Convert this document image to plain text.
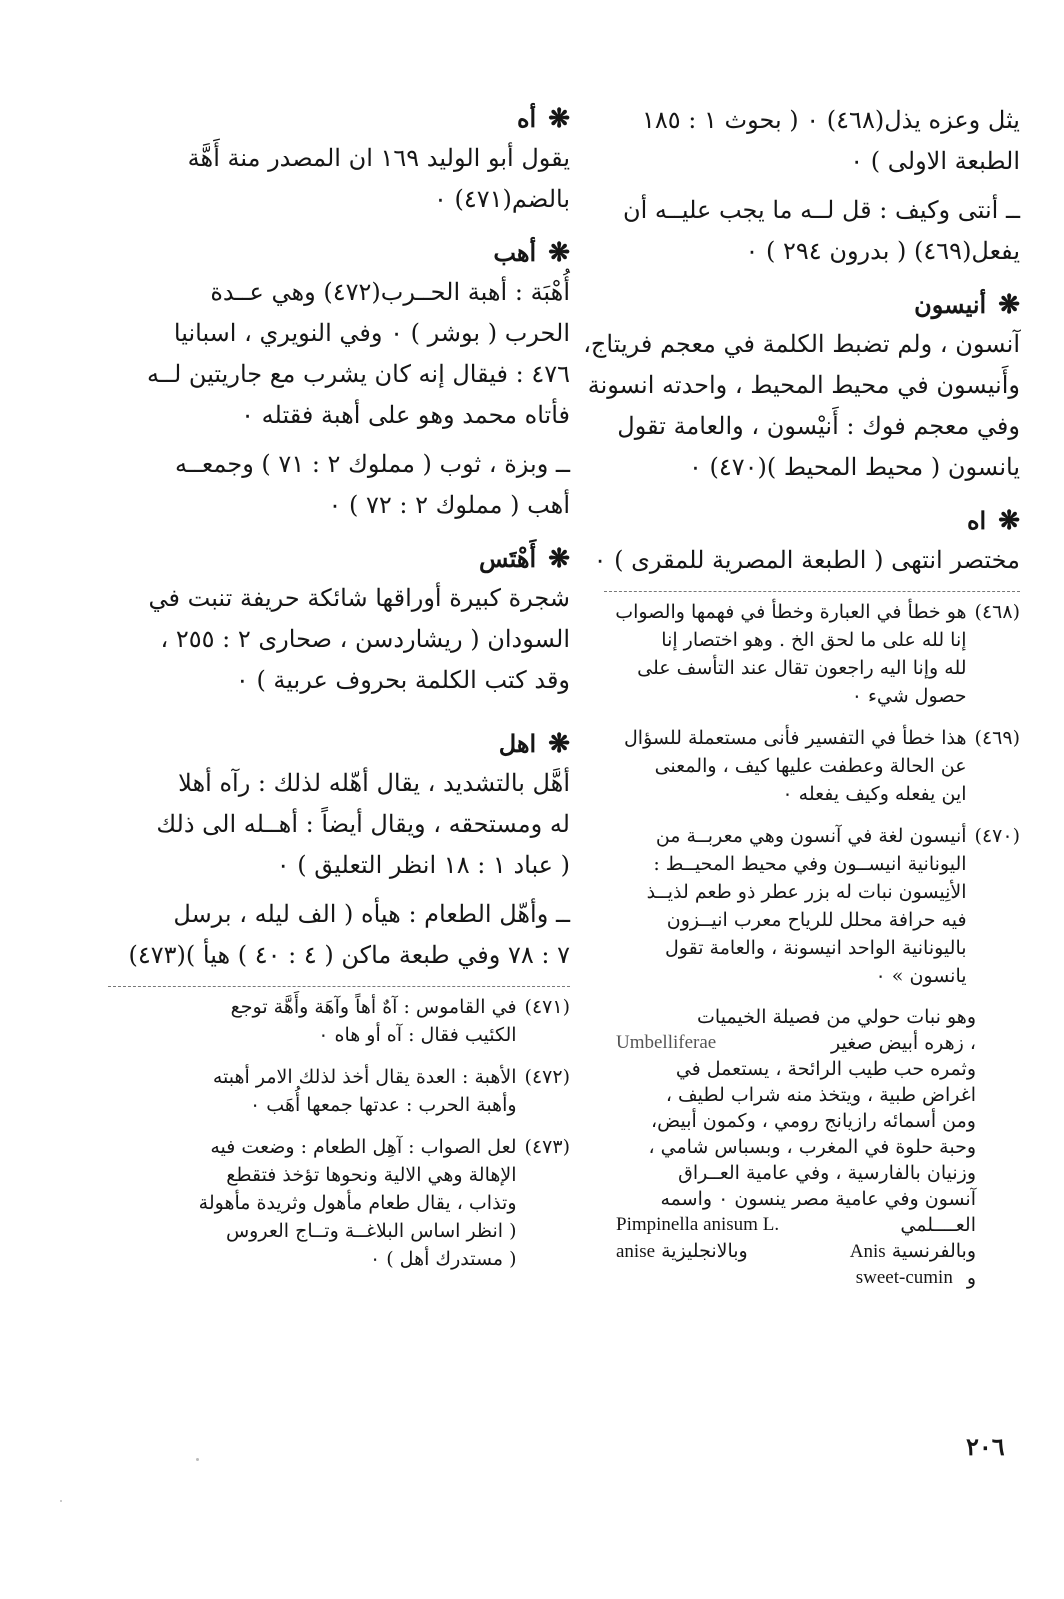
يثل وعزه يذل(٤٦٨) ٠ ( بحوث ١ : ١٨٥
الطبعة الاولى ) ٠
ــ أنتى وكيف : قل لــه ما يجب عليــه أن
يفعل(٤٦٩) ( بدرون ٢٩٤ ) ٠
❋أنيسون
آنسون ، ولم تضبط الكلمة في معجم فريتاج،
وأَنيسون في محيط المحيط ، واحدته انسونة
وفي معجم فوك : أَنيْسون ، والعامة تقول
يانسون ( محيط المحيط )(٤٧٠) ٠
❋اه
مختصر انتهى ( الطبعة المصرية للمقرى ) ٠
(٤٦٨)
هو خطأ في العبارة وخطأ في فهمها والصواب
إنا لله على ما لحق الخ . وهو اختصار إنا
لله وإنا اليه راجعون تقال عند التأسف على
حصول شيء ٠
(٤٦٩)
هذا خطأ في التفسير فأنى مستعملة للسؤال
عن الحالة وعطفت عليها كيف ، والمعنى
اين يفعله وكيف يفعله ٠
(٤٧٠)
أنيسون لغة في آنسون وهي معربــة من
اليونانية انيســون وفي محيط المحيــط :
الأنِيسون نبات له بزر عطر ذو طعم لذيــذ
فيه حرافة محلل للرياح معرب انيــزون
باليونانية الواحد انيسونة ، والعامة تقول
يانسون » ٠
وهو نبات حولي من فصيلة الخيميات
، زهره أبيض صغير
Umbelliferae
وثمره حب طيب الرائحة ، يستعمل في
اغراض طبية ، ويتخذ منه شراب لطيف ،
ومن أسمائه رازيانج رومي ، وكمون أبيض،
وحبة حلوة في المغرب ، وبسباس شامي ،
وزنيان بالفارسية ، وفي عامية العــراق
آنسون وفي عامية مصر ينسون ٠ واسمه
العــــلمي
Pimpinella anisum L.
وبالفرنسية Anis
وبالانجليزية anise
و
sweet-cumin
❋أه
يقول أبو الوليد ١٦٩ ان المصدر منة أَهَّة
بالضم(٤٧١) ٠
❋أهب
أُهْبَة : أهبة الحــرب(٤٧٢) وهي عــدة
الحرب ( بوشر ) ٠ وفي النويري ، اسبانيا
٤٧٦ : فيقال إنه كان يشرب مع جاريتين لــه
فأتاه محمد وهو على أهبة فقتله ٠
ــ وبزة ، ثوب ( مملوك ٢ : ٧١ ) وجمعــه
أهب ( مملوك ٢ : ٧٢ ) ٠
❋أَهْتَس
شجرة كبيرة أوراقها شائكة حريفة تنبت في
السودان ( ريشاردسن ، صحارى ٢ : ٢٥٥ ،
وقد كتب الكلمة بحروف عربية ) ٠
❋اهل
أهَّل بالتشديد ، يقال أهّله لذلك : رآه أهلا
له ومستحقه ، ويقال أيضاً : أهــله الى ذلك
( عباد ١ : ١٨ انظر التعليق ) ٠
ــ وأهّل الطعام : هيأه ( الف ليله ، برسل
٧ : ٧٨ وفي طبعة ماكن ( ٤ : ٤٠ ) هيأ )(٤٧٣)
(٤٧١)
في القاموس : آهٌ أهاً وآهَة وأَهَّة توجع
الكئيب فقال : آه أو هاه ٠
(٤٧٢)
الأهبة : العدة يقال أخذ لذلك الامر أهبته
وأهبة الحرب : عدتها جمعها أُهَب ٠
(٤٧٣)
لعل الصواب : آهِل الطعام : وضعت فيه
الإهالة وهي الالية ونحوها تؤخذ فتقطع
وتذاب ، يقال طعام مأهول وثريدة مأهولة
( انظر اساس البلاغــة وتــاج العروس
( مستدرك أهل ) ٠
٢٠٦
